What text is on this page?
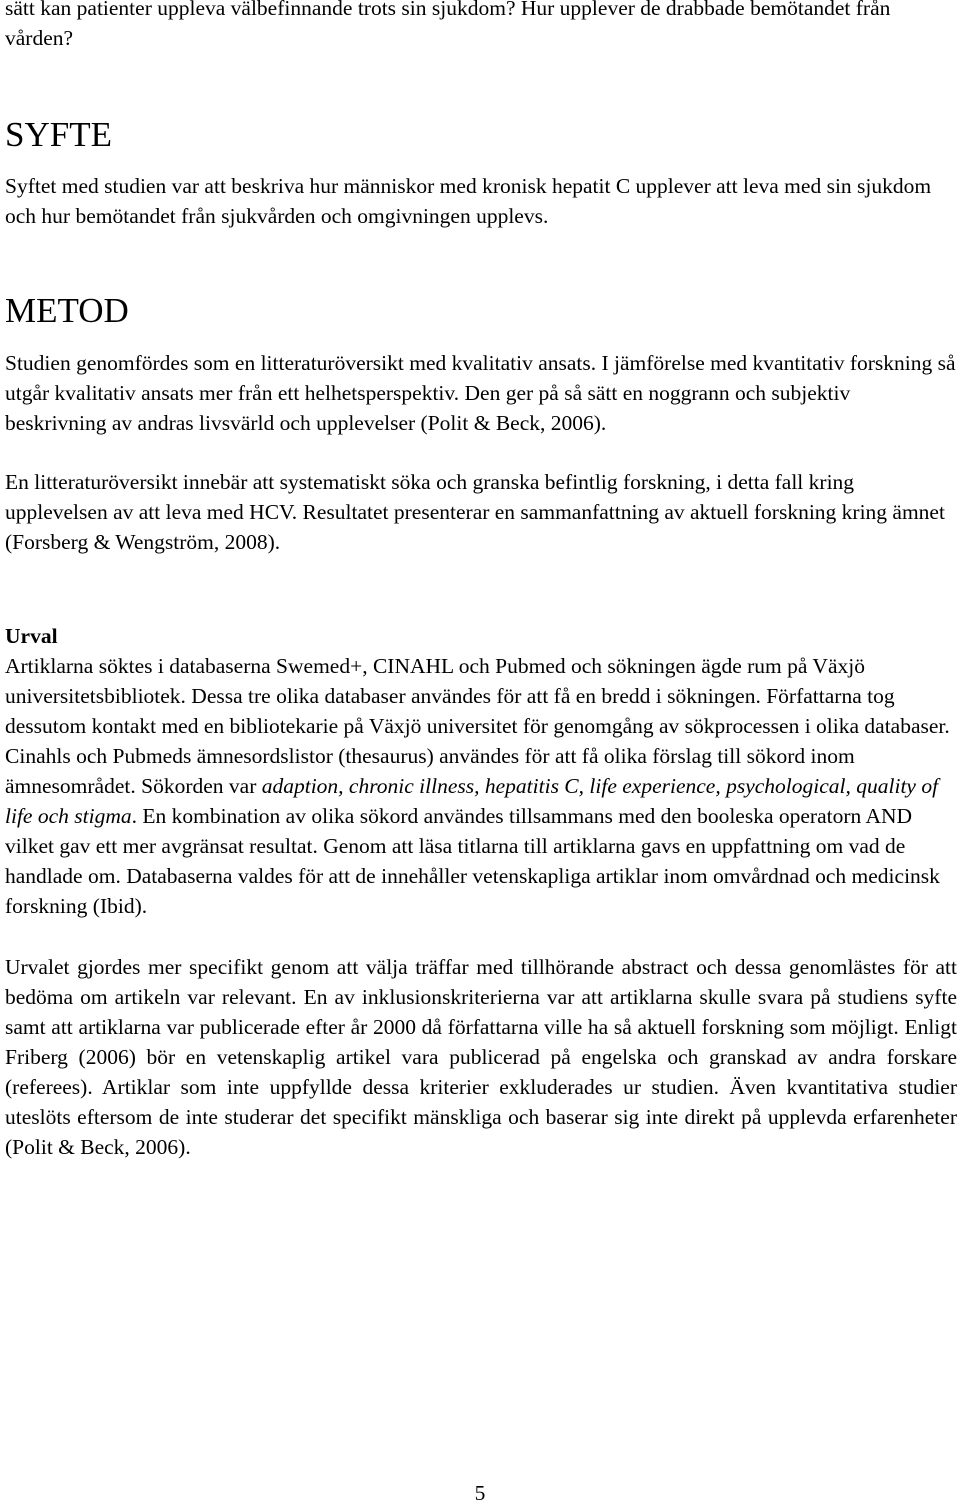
sätt kan patienter uppleva välbefinnande trots sin sjukdom? Hur upplever de drabbade bemötandet från vården?

SYFTE

Syftet med studien var att beskriva hur människor med kronisk hepatit C upplever att leva med sin sjukdom och hur bemötandet från sjukvården och omgivningen upplevs.

METOD

Studien genomfördes som en litteraturöversikt med kvalitativ ansats. I jämförelse med kvantitativ forskning så utgår kvalitativ ansats mer från ett helhetsperspektiv. Den ger på så sätt en noggrann och subjektiv beskrivning av andras livsvärld och upplevelser (Polit & Beck, 2006).

En litteraturöversikt innebär att systematiskt söka och granska befintlig forskning, i detta fall kring upplevelsen av att leva med HCV. Resultatet presenterar en sammanfattning av aktuell forskning kring ämnet (Forsberg & Wengström, 2008).

Urval

Artiklarna söktes i databaserna Swemed+, CINAHL och Pubmed och sökningen ägde rum på Växjö universitetsbibliotek. Dessa tre olika databaser användes för att få en bredd i sökningen. Författarna tog dessutom kontakt med en bibliotekarie på Växjö universitet för genomgång av sökprocessen i olika databaser. Cinahls och Pubmeds ämnesordslistor (thesaurus) användes för att få olika förslag till sökord inom ämnesområdet. Sökorden var adaption, chronic illness, hepatitis C, life experience, psychological, quality of life och stigma. En kombination av olika sökord användes tillsammans med den booleska operatorn AND vilket gav ett mer avgränsat resultat. Genom att läsa titlarna till artiklarna gavs en uppfattning om vad de handlade om. Databaserna valdes för att de innehåller vetenskapliga artiklar inom omvårdnad och medicinsk forskning (Ibid).

Urvalet gjordes mer specifikt genom att välja träffar med tillhörande abstract och dessa genomlästes för att bedöma om artikeln var relevant. En av inklusionskriterierna var att artiklarna skulle svara på studiens syfte samt att artiklarna var publicerade efter år 2000 då författarna ville ha så aktuell forskning som möjligt. Enligt Friberg (2006) bör en vetenskaplig artikel vara publicerad på engelska och granskad av andra forskare (referees). Artiklar som inte uppfyllde dessa kriterier exkluderades ur studien. Även kvantitativa studier uteslöts eftersom de inte studerar det specifikt mänskliga och baserar sig inte direkt på upplevda erfarenheter (Polit & Beck, 2006).

5
